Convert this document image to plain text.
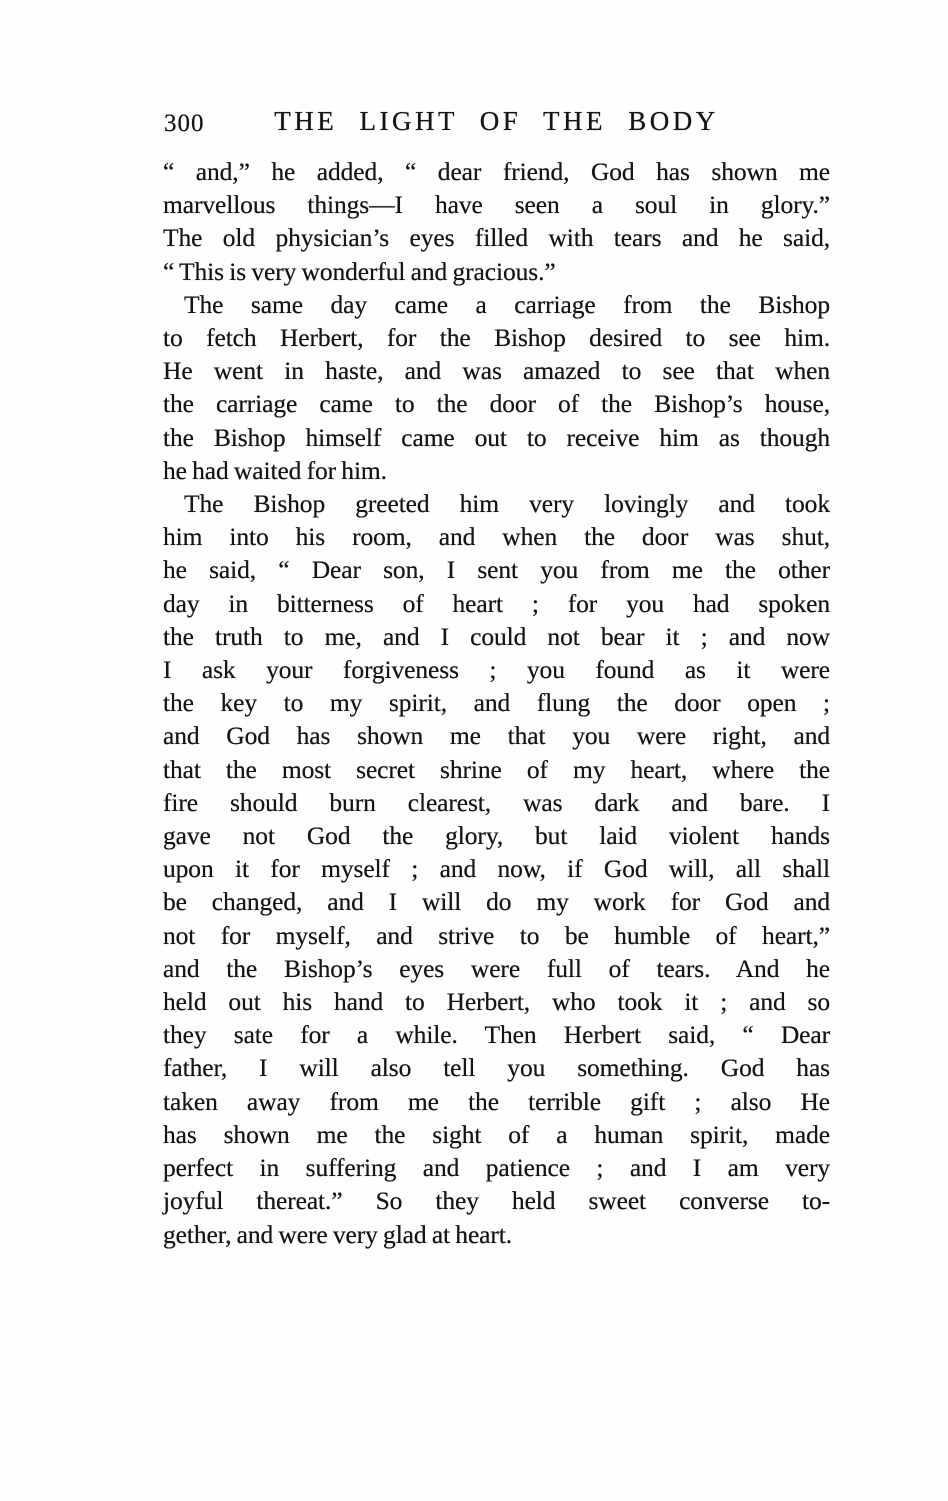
300	THE LIGHT OF THE BODY
“ and,” he added, “ dear friend, God has shown me
marvellous things—I have seen a soul in glory.”
The old physician’s eyes filled with tears and he said,
“ This is very wonderful and gracious.”
The same day came a carriage from the Bishop
to fetch Herbert, for the Bishop desired to see him.
He went in haste, and was amazed to see that when
the carriage came to the door of the Bishop’s house,
the Bishop himself came out to receive him as though
he had waited for him.
The Bishop greeted him very lovingly and took
him into his room, and when the door was shut,
he said, “ Dear son, I sent you from me the other
day in bitterness of heart ; for you had spoken
the truth to me, and I could not bear it ; and now
I ask your forgiveness ; you found as it were
the key to my spirit, and flung the door open ;
and God has shown me that you were right, and
that the most secret shrine of my heart, where the
fire should burn clearest, was dark and bare. I
gave not God the glory, but laid violent hands
upon it for myself ; and now, if God will, all shall
be changed, and I will do my work for God and
not for myself, and strive to be humble of heart,”
and the Bishop’s eyes were full of tears. And he
held out his hand to Herbert, who took it ; and so
they sate for a while. Then Herbert said, “ Dear
father, I will also tell you something. God has
taken away from me the terrible gift ; also He
has shown me the sight of a human spirit, made
perfect in suffering and patience ; and I am very
joyful thereat.” So they held sweet converse to-
gether, and were very glad at heart.
